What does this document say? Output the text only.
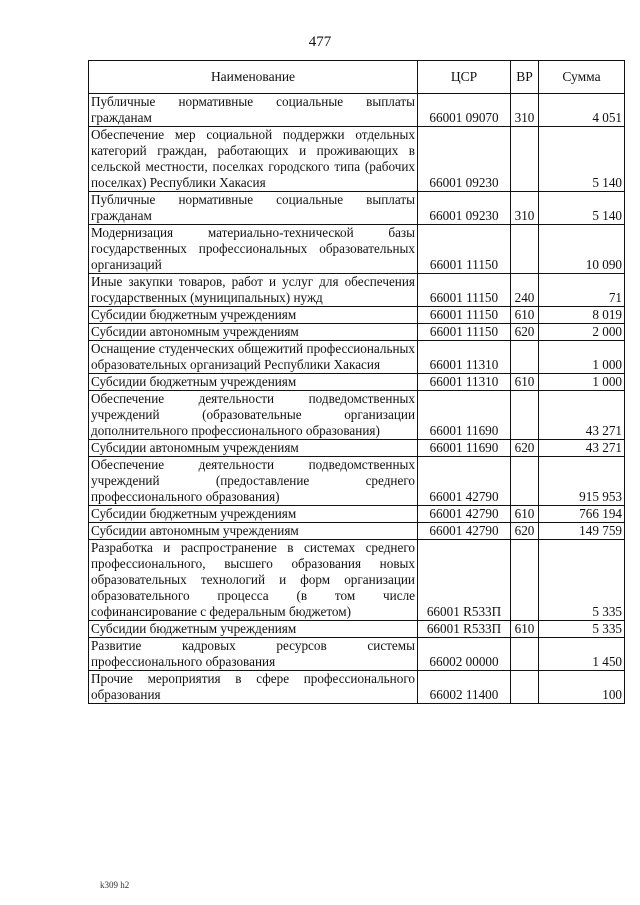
477
Наименование	ЦСР	ВР	Сумма
Публичные нормативные социальные выплаты гражданам	66001 09070	310	4 051
Обеспечение мер социальной поддержки отдельных категорий граждан, работающих и проживающих в сельской местности, поселках городского типа (рабочих поселках) Республики Хакасия	66001 09230		5 140
Публичные нормативные социальные выплаты гражданам	66001 09230	310	5 140
Модернизация материально-технической базы государственных профессиональных образовательных организаций	66001 11150		10 090
Иные закупки товаров, работ и услуг для обеспечения государственных (муниципальных) нужд	66001 11150	240	71
Субсидии бюджетным учреждениям	66001 11150	610	8 019
Субсидии автономным учреждениям	66001 11150	620	2 000
Оснащение студенческих общежитий профессиональных образовательных организаций Республики Хакасия	66001 11310		1 000
Субсидии бюджетным учреждениям	66001 11310	610	1 000
Обеспечение деятельности подведомственных учреждений (образовательные организации дополнительного профессионального образования)	66001 11690		43 271
Субсидии автономным учреждениям	66001 11690	620	43 271
Обеспечение деятельности подведомственных учреждений (предоставление среднего профессионального образования)	66001 42790		915 953
Субсидии бюджетным учреждениям	66001 42790	610	766 194
Субсидии автономным учреждениям	66001 42790	620	149 759
Разработка и распространение в системах среднего профессионального, высшего образования новых образовательных технологий и форм организации образовательного процесса (в том числе софинансирование с федеральным бюджетом)	66001 R533П		5 335
Субсидии бюджетным учреждениям	66001 R533П	610	5 335
Развитие кадровых ресурсов системы профессионального образования	66002 00000		1 450
Прочие мероприятия в сфере профессионального образования	66002 11400		100
k309 h2
